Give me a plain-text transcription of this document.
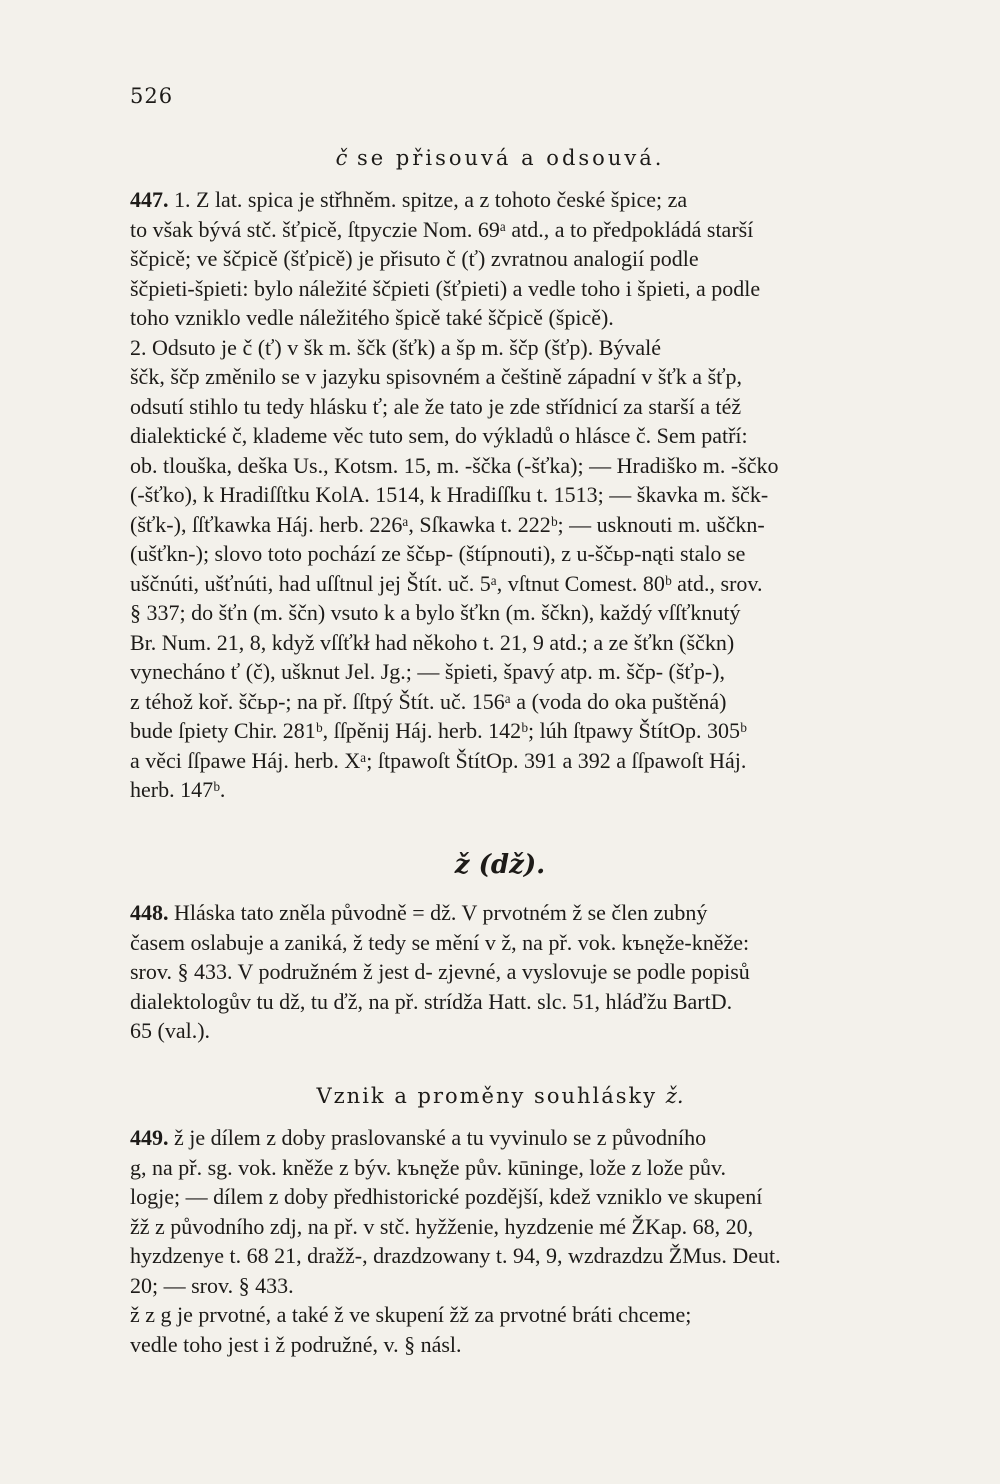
526
č se přisouvá a odsouvá.
447. 1. Z lat. spica je střhněm. spitze, a z tohoto české špice; za
to však bývá stč. šťpicě, ſtpyczie Nom. 69ᵃ atd., a to předpokládá starší
ščpicě; ve ščpicě (šťpicě) je přisuto č (ť) zvratnou analogií podle
ščpieti-špieti: bylo náležité ščpieti (šťpieti) a vedle toho i špieti, a podle
toho vzniklo vedle náležitého špicě také ščpicě (špicě).
2. Odsuto je č (ť) v šk m. ščk (šťk) a šp m. ščp (šťp). Bývalé
ščk, ščp změnilo se v jazyku spisovném a češtině západní v šťk a šťp,
odsutí stihlo tu tedy hlásku ť; ale že tato je zde střídnicí za starší a též
dialektické č, klademe věc tuto sem, do výkladů o hlásce č. Sem patří:
ob. tlouška, deška Us., Kotsm. 15, m. -ščka (-šťka); — Hradiško m. -ščko
(-šťko), k Hradiſſtku KolA. 1514, k Hradiſſku t. 1513; — škavka m. ščk-
(šťk-), ſſťkawka Háj. herb. 226ᵃ, Sſkawka t. 222ᵇ; — usknouti m. uščkn-
(ušťkn-); slovo toto pochází ze ščьp- (štípnouti), z u-ščьp-nąti stalo se
uščnúti, ušťnúti, had uſſtnul jej Štít. uč. 5ᵃ, vſtnut Comest. 80ᵇ atd., srov.
§ 337; do šťn (m. ščn) vsuto k a bylo šťkn (m. ščkn), každý vſſťknutý
Br. Num. 21, 8, když vſſťkł had někoho t. 21, 9 atd.; a ze šťkn (ščkn)
vynecháno ť (č), ušknut Jel. Jg.; — špieti, špavý atp. m. ščp- (šťp-),
z téhož koř. ščьp-; na př. ſſtpý Štít. uč. 156ᵃ a (voda do oka puštěná)
bude ſpiety Chir. 281ᵇ, ſſpěnij Háj. herb. 142ᵇ; lúh ſtpawy ŠtítOp. 305ᵇ
a věci ſſpawe Háj. herb. Xᵃ; ſtpawoſt ŠtítOp. 391 a 392 a ſſpawoſt Háj.
herb. 147ᵇ.
ž (dž).
448. Hláska tato zněla původně = dž. V prvotném ž se člen zubný
časem oslabuje a zaniká, ž tedy se mění v ž, na př. vok. kъnęže-kněže:
srov. § 433. V podružném ž jest d- zjevné, a vyslovuje se podle popisů
dialektologův tu dž, tu ďž, na př. strídža Hatt. slc. 51, hláďžu BartD.
65 (val.).
Vznik a proměny souhlásky ž.
449. ž je dílem z doby praslovanské a tu vyvinulo se z původního
g, na př. sg. vok. kněže z býv. kъnęže pův. kūningе, lože z lože pův.
logje; — dílem z doby předhistorické pozdější, kdež vzniklo ve skupení
žž z původního zdj, na př. v stč. hyžženie, hyzdzenie mé ŽKap. 68, 20,
hyzdzenye t. 68 21, dražž-, drazdzowany t. 94, 9, wzdrazdzu ŽMus. Deut.
20; — srov. § 433.
ž z g je prvotné, a také ž ve skupení žž za prvotné bráti chceme;
vedle toho jest i ž podružné, v. § násl.
